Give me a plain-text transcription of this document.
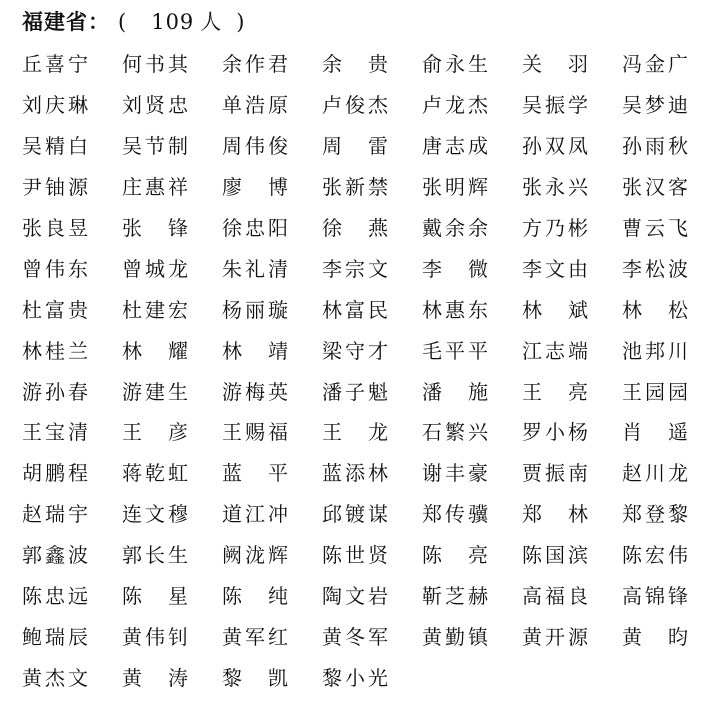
福建省： ( 109 人 )
丘喜宁 何书其 余作君 余贵 俞永生 关羽 冯金广
刘庆琳 刘贤忠 单浩原 卢俊杰 卢龙杰 吴振学 吴梦迪
吴精白 吴节制 周伟俊 周雷 唐志成 孙双凤 孙雨秋
尹铀源 庄惠祥 廖博 张新禁 张明辉 张永兴 张汉客
张良昱 张锋 徐忠阳 徐燕 戴余余 方乃彬 曹云飞
曾伟东 曾城龙 朱礼清 李宗文 李微 李文由 李松波
杜富贵 杜建宏 杨丽璇 林富民 林惠东 林斌 林松
林桂兰 林耀 林靖 梁守才 毛平平 江志端 池邦川
游孙春 游建生 游梅英 潘子魁 潘施 王亮 王园园
王宝清 王彦 王赐福 王龙 石繁兴 罗小杨 肖遥
胡鹏程 蒋乾虹 蓝平 蓝添林 谢丰豪 贾振南 赵川龙
赵瑞宇 连文穆 道江冲 邱镀谋 郑传骥 郑林 郑登黎
郭鑫波 郭长生 阙泷辉 陈世贤 陈亮 陈国滨 陈宏伟
陈忠远 陈星 陈纯 陶文岩 靳芝赫 高福良 高锦锋
鲍瑞辰 黄伟钊 黄军红 黄冬军 黄勤镇 黄开源 黄昀
黄杰文 黄涛 黎凯 黎小光
